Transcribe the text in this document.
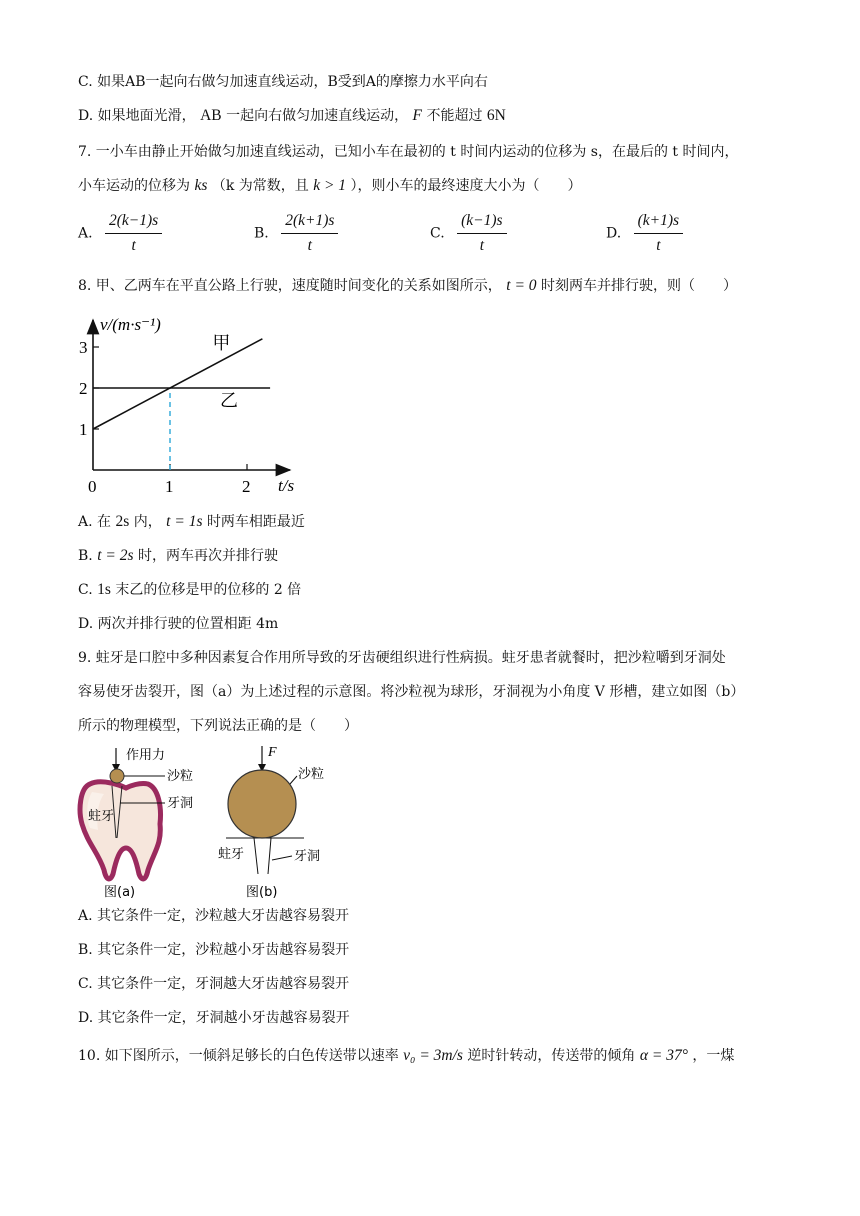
C. 如果AB一起向右做匀加速直线运动，B受到A的摩擦力水平向右
D. 如果地面光滑， AB 一起向右做匀加速直线运动， F 不能超过 6N
7. 一小车由静止开始做匀加速直线运动，已知小车在最初的 t 时间内运动的位移为 s，在最后的 t 时间内，
小车运动的位移为 ks （k 为常数，且 k > 1 ），则小车的最终速度大小为（　　）
A. $\frac{2(k-1)s}{t}$	B. $\frac{2(k+1)s}{t}$	C. $\frac{(k-1)s}{t}$	D. $\frac{(k+1)s}{t}$
8. 甲、乙两车在平直公路上行驶，速度随时间变化的关系如图所示， t = 0 时刻两车并排行驶，则（　　）
v/(m·s⁻¹)
t/s
0
1
2
3
1	2
甲
乙
A. 在 2s 内， t = 1s 时两车相距最近
B. t = 2s 时，两车再次并排行驶
C. 1s 末乙的位移是甲的位移的 2 倍
D. 两次并排行驶的位置相距 4m
9. 蛀牙是口腔中多种因素复合作用所导致的牙齿硬组织进行性病损。蛀牙患者就餐时，把沙粒嚼到牙洞处
容易使牙齿裂开，图（a）为上述过程的示意图。将沙粒视为球形，牙洞视为小角度 V 形槽，建立如图（b）
所示的物理模型，下列说法正确的是（　　）
作用力
沙粒
牙洞
蛀牙
图(a)
F
沙粒
蛀牙	牙洞
图(b)
A. 其它条件一定，沙粒越大牙齿越容易裂开
B. 其它条件一定，沙粒越小牙齿越容易裂开
C. 其它条件一定，牙洞越大牙齿越容易裂开
D. 其它条件一定，牙洞越小牙齿越容易裂开
10. 如下图所示，一倾斜足够长的白色传送带以速率 v₀ = 3m/s 逆时针转动，传送带的倾角 α = 37° ，一煤
